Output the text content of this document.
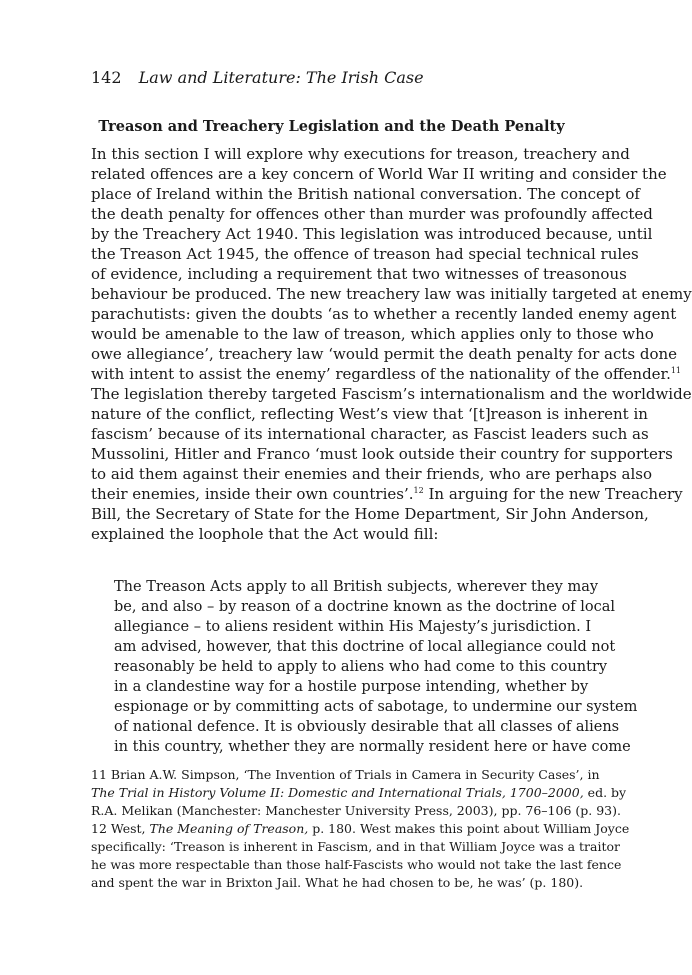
142 Law and Literature: The Irish Case
Treason and Treachery Legislation and the Death Penalty
In this section I will explore why executions for treason, treachery and
related offences are a key concern of World War II writing and consider the
place of Ireland within the British national conversation. The concept of
the death penalty for offences other than murder was profoundly affected
by the Treachery Act 1940. This legislation was introduced because, until
the Treason Act 1945, the offence of treason had special technical rules
of evidence, including a requirement that two witnesses of treasonous
behaviour be produced. The new treachery law was initially targeted at enemy
parachutists: given the doubts ‘as to whether a recently landed enemy agent
would be amenable to the law of treason, which applies only to those who
owe allegiance’, treachery law ‘would permit the death penalty for acts done
with intent to assist the enemy’ regardless of the nationality of the offender.$^{11}$
The legislation thereby targeted Fascism’s internationalism and the worldwide
nature of the conflict, reflecting West’s view that ‘[t]reason is inherent in
fascism’ because of its international character, as Fascist leaders such as
Mussolini, Hitler and Franco ‘must look outside their country for supporters
to aid them against their enemies and their friends, who are perhaps also
their enemies, inside their own countries’.$^{12}$ In arguing for the new Treachery
Bill, the Secretary of State for the Home Department, Sir John Anderson,
explained the loophole that the Act would fill:
The Treason Acts apply to all British subjects, wherever they may
be, and also – by reason of a doctrine known as the doctrine of local
allegiance – to aliens resident within His Majesty’s jurisdiction. I
am advised, however, that this doctrine of local allegiance could not
reasonably be held to apply to aliens who had come to this country
in a clandestine way for a hostile purpose intending, whether by
espionage or by committing acts of sabotage, to undermine our system
of national defence. It is obviously desirable that all classes of aliens
in this country, whether they are normally resident here or have come
11 Brian A.W. Simpson, ‘The Invention of Trials in Camera in Security Cases’, in
The Trial in History Volume II: Domestic and International Trials, 1700–2000, ed. by
R.A. Melikan (Manchester: Manchester University Press, 2003), pp. 76–106 (p. 93).
12 West, The Meaning of Treason, p. 180. West makes this point about William Joyce
specifically: ‘Treason is inherent in Fascism, and in that William Joyce was a traitor
he was more respectable than those half-Fascists who would not take the last fence
and spent the war in Brixton Jail. What he had chosen to be, he was’ (p. 180).
